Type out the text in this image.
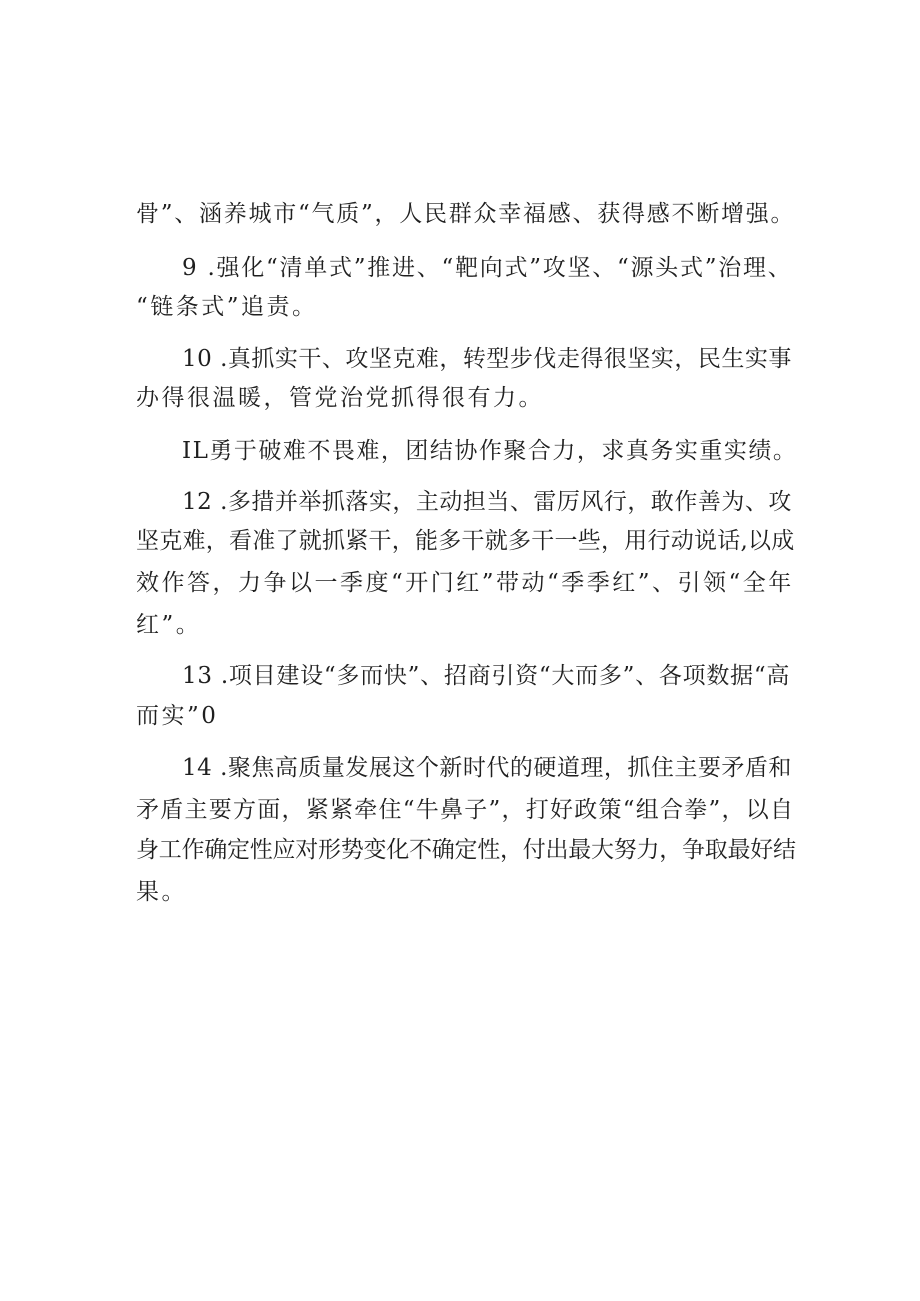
骨”、涵养城市“气质”，人民群众幸福感、获得感不断增强。
9 .强化“清单式”推进、“靶向式”攻坚、“源头式”治理、
“链条式”追责。
10 .真抓实干、攻坚克难，转型步伐走得很坚实，民生实事
办得很温暖，管党治党抓得很有力。
IL勇于破难不畏难，团结协作聚合力，求真务实重实绩。
12 .多措并举抓落实，主动担当、雷厉风行，敢作善为、攻
坚克难，看准了就抓紧干，能多干就多干一些，用行动说话,以成
效作答，力争以一季度“开门红”带动“季季红”、引领“全年
红”。
13 .项目建设“多而快”、招商引资“大而多”、各项数据“高
而实”0
14 .聚焦高质量发展这个新时代的硬道理，抓住主要矛盾和
矛盾主要方面，紧紧牵住“牛鼻子”，打好政策“组合拳”，以自
身工作确定性应对形势变化不确定性，付出最大努力，争取最好结
果。
